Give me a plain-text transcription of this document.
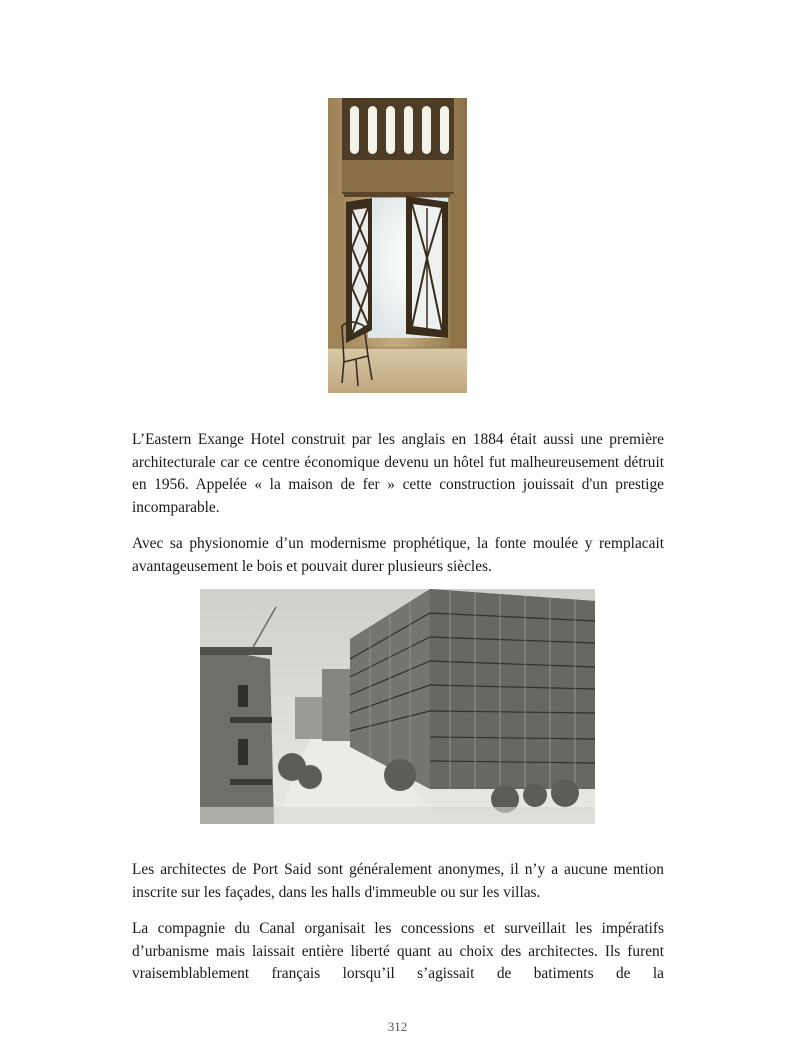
L’Eastern Exange Hotel construit par les anglais en 1884 était aussi une première architecturale car ce centre économique devenu un hôtel fut malheureusement détruit en 1956. Appelée « la maison de fer » cette construction jouissait d'un prestige incomparable.

Avec sa physionomie d’un modernisme prophétique, la fonte moulée y remplacait avantageusement le bois et pouvait durer plusieurs siècles.

Les architectes de Port Said sont généralement anonymes, il n’y a aucune mention inscrite sur les façades, dans les halls d'immeuble ou sur les villas.

La compagnie du Canal organisait les concessions et surveillait les impératifs d’urbanisme mais laissait entière liberté quant au choix des architectes. Ils furent vraisemblablement français lorsqu’il s’agissait de batiments de la

312
